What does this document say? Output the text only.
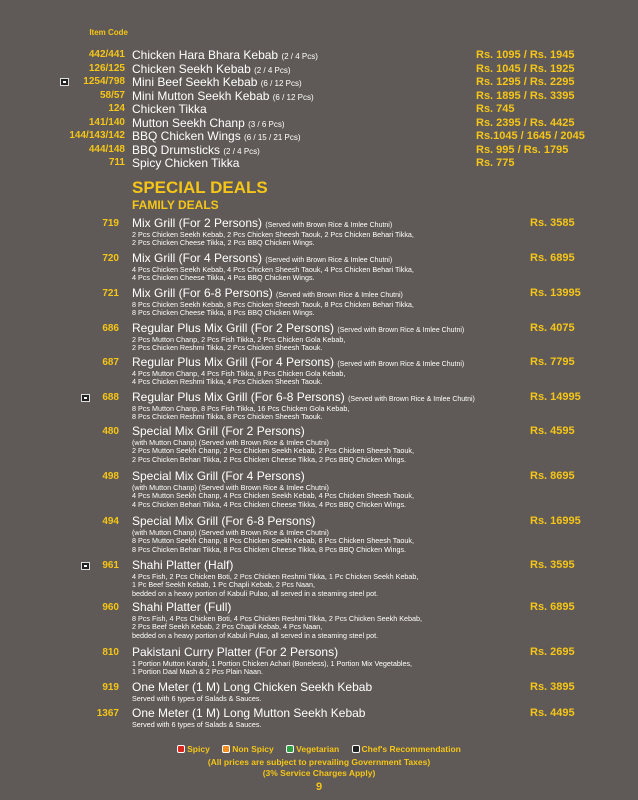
Item Code
442/441 Chicken Hara Bhara Kebab (2 / 4 Pcs)	Rs. 1095 / Rs. 1945
126/125 Chicken Seekh Kebab (2 / 4 Pcs)	Rs. 1045 / Rs. 1925
1254/798 Mini Beef Seekh Kebab (6 / 12 Pcs)	Rs. 1295 / Rs. 2295
58/57 Mini Mutton Seekh Kebab (6 / 12 Pcs)	Rs. 1895 / Rs. 3395
124 Chicken Tikka	Rs. 745
141/140 Mutton Seekh Chanp (3 / 6 Pcs)	Rs. 2395 / Rs. 4425
144/143/142 BBQ Chicken Wings (6 / 15 / 21 Pcs)	Rs.1045 / 1645 / 2045
444/148 BBQ Drumsticks (2 / 4 Pcs)	Rs. 995 / Rs. 1795
711 Spicy Chicken Tikka	Rs. 775
SPECIAL DEALS
FAMILY DEALS
719 Mix Grill (For 2 Persons) (Served with Brown Rice & Imlee Chutni)	Rs. 3585
2 Pcs Chicken Seekh Kebab, 2 Pcs Chicken Sheesh Taouk, 2 Pcs Chicken Behari Tikka,
2 Pcs Chicken Cheese Tikka, 2 Pcs BBQ Chicken Wings.
720 Mix Grill (For 4 Persons) (Served with Brown Rice & Imlee Chutni)	Rs. 6895
4 Pcs Chicken Seekh Kebab, 4 Pcs Chicken Sheesh Taouk, 4 Pcs Chicken Behari Tikka,
4 Pcs Chicken Cheese Tikka, 4 Pcs BBQ Chicken Wings.
721 Mix Grill (For 6-8 Persons) (Served with Brown Rice & Imlee Chutni)	Rs. 13995
8 Pcs Chicken Seekh Kebab, 8 Pcs Chicken Sheesh Taouk, 8 Pcs Chicken Behari Tikka,
8 Pcs Chicken Cheese Tikka, 8 Pcs BBQ Chicken Wings.
686 Regular Plus Mix Grill (For 2 Persons) (Served with Brown Rice & Imlee Chutni)	Rs. 4075
2 Pcs Mutton Chanp, 2 Pcs Fish Tikka, 2 Pcs Chicken Gola Kebab,
2 Pcs Chicken Reshmi Tikka, 2 Pcs Chicken Sheesh Taouk.
687 Regular Plus Mix Grill (For 4 Persons) (Served with Brown Rice & Imlee Chutni)	Rs. 7795
4 Pcs Mutton Chanp, 4 Pcs Fish Tikka, 8 Pcs Chicken Gola Kebab,
4 Pcs Chicken Reshmi Tikka, 4 Pcs Chicken Sheesh Taouk.
688 Regular Plus Mix Grill (For 6-8 Persons) (Served with Brown Rice & Imlee Chutni)	Rs. 14995
8 Pcs Mutton Chanp, 8 Pcs Fish Tikka, 16 Pcs Chicken Gola Kebab,
8 Pcs Chicken Reshmi Tikka, 8 Pcs Chicken Sheesh Taouk.
480 Special Mix Grill (For 2 Persons)	Rs. 4595
(with Mutton Chanp) (Served with Brown Rice & Imlee Chutni)
2 Pcs Mutton Seekh Chanp, 2 Pcs Chicken Seekh Kebab, 2 Pcs Chicken Sheesh Taouk,
2 Pcs Chicken Behari Tikka, 2 Pcs Chicken Cheese Tikka, 2 Pcs BBQ Chicken Wings.
498 Special Mix Grill (For 4 Persons)	Rs. 8695
(with Mutton Chanp) (Served with Brown Rice & Imlee Chutni)
4 Pcs Mutton Seekh Chanp, 4 Pcs Chicken Seekh Kebab, 4 Pcs Chicken Sheesh Taouk,
4 Pcs Chicken Behari Tikka, 4 Pcs Chicken Cheese Tikka, 4 Pcs BBQ Chicken Wings.
494 Special Mix Grill (For 6-8 Persons)	Rs. 16995
(with Mutton Chanp) (Served with Brown Rice & Imlee Chutni)
8 Pcs Mutton Seekh Chanp, 8 Pcs Chicken Seekh Kebab, 8 Pcs Chicken Sheesh Taouk,
8 Pcs Chicken Behari Tikka, 8 Pcs Chicken Cheese Tikka, 8 Pcs BBQ Chicken Wings.
961 Shahi Platter (Half)	Rs. 3595
4 Pcs Fish, 2 Pcs Chicken Boti, 2 Pcs Chicken Reshmi Tikka, 1 Pc Chicken Seekh Kebab,
1 Pc Beef Seekh Kebab, 1 Pc Chapli Kebab, 2 Pcs Naan,
bedded on a heavy portion of Kabuli Pulao, all served in a steaming steel pot.
960 Shahi Platter (Full)	Rs. 6895
8 Pcs Fish, 4 Pcs Chicken Boti, 4 Pcs Chicken Reshmi Tikka, 2 Pcs Chicken Seekh Kebab,
2 Pcs Beef Seekh Kebab, 2 Pcs Chapli Kebab, 4 Pcs Naan,
bedded on a heavy portion of Kabuli Pulao, all served in a steaming steel pot.
810 Pakistani Curry Platter (For 2 Persons)	Rs. 2695
1 Portion Mutton Karahi, 1 Portion Chicken Achari (Boneless), 1 Portion Mix Vegetables,
1 Portion Daal Mash & 2 Pcs Plain Naan.
919 One Meter (1 M) Long Chicken Seekh Kebab	Rs. 3895
Served with 6 types of Salads & Sauces.
1367 One Meter (1 M) Long Mutton Seekh Kebab	Rs. 4495
Served with 6 types of Salads & Sauces.
Spicy	Non Spicy	Vegetarian	Chef's Recommendation
(All prices are subject to prevailing Government Taxes)
(3% Service Charges Apply)
9
